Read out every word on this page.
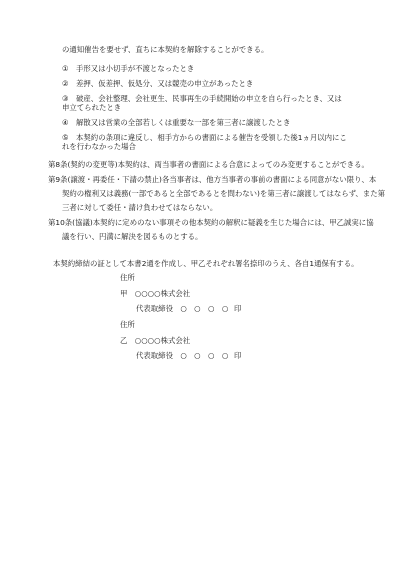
の通知催告を要せず、直ちに本契約を解除することができる。
①　手形又は小切手が不渡となったとき
②　差押、仮差押、仮処分、又は競売の申立があったとき
③　破産、会社整理、会社更生、民事再生の手続開始の申立を自ら行ったとき、又は申立てられたとき
④　解散又は営業の全部若しくは重要な一部を第三者に譲渡したとき
⑤　本契約の条項に違反し、相手方からの書面による催告を受領した後1ヵ月以内にこれを行わなかった場合
第8条(契約の変更等)本契約は、両当事者の書面による合意によってのみ変更することができる。
第9条(譲渡・再委任・下請の禁止)各当事者は、他方当事者の事前の書面による同意がない限り、本
契約の権利又は義務(一部であると全部であるとを問わない)を第三者に譲渡してはならず、また第
三者に対して委任・請け負わせてはならない。
第10条(協議)本契約に定めのない事項その他本契約の解釈に疑義を生じた場合には、甲乙誠実に協
議を行い、円満に解決を図るものとする。
本契約締結の証として本書2通を作成し、甲乙それぞれ署名捺印のうえ、各自1通保有する。
住所
甲　○○○○株式会社
代表取締役　○　○　○　○ 印
住所
乙　○○○○株式会社
代表取締役　○　○　○　○ 印
